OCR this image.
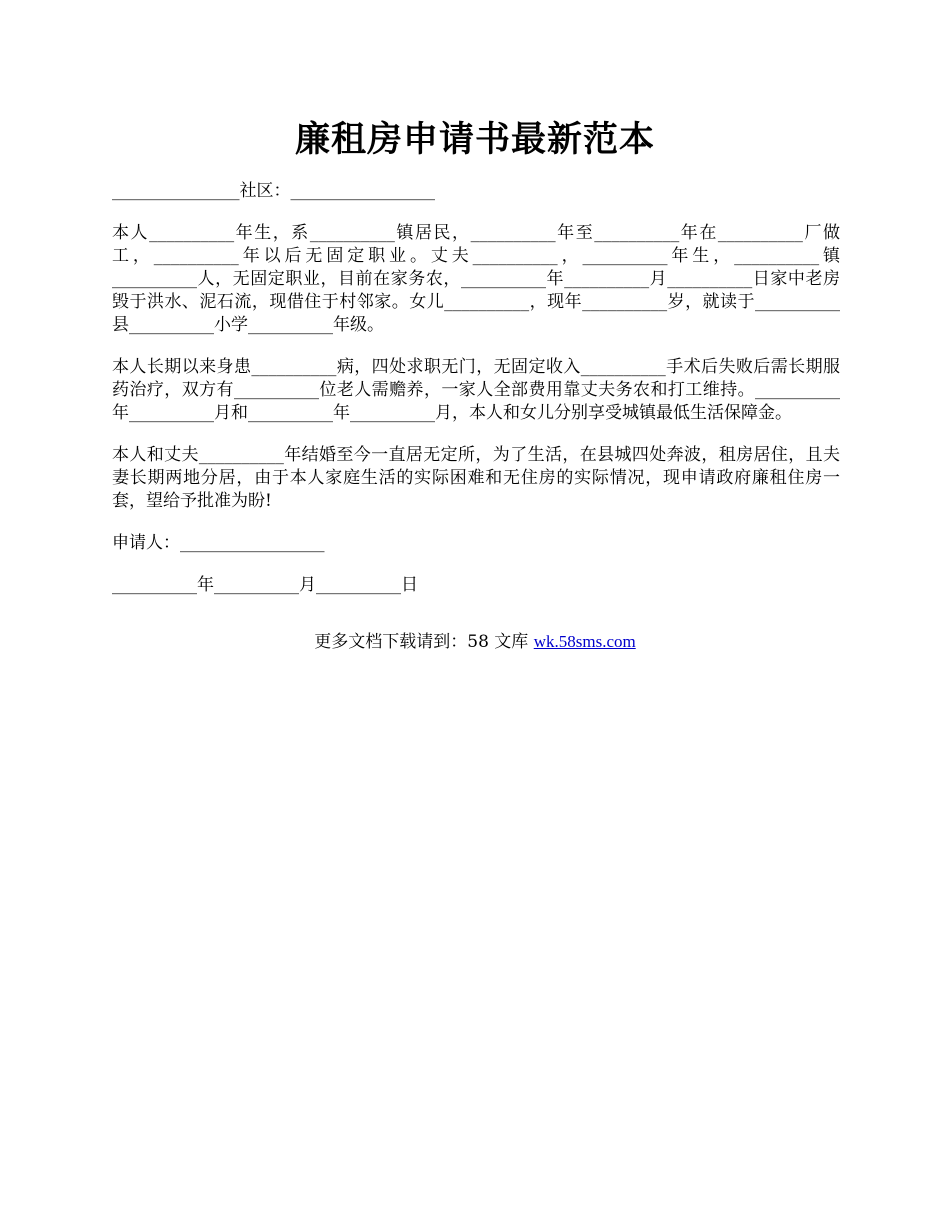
廉租房申请书最新范本

_______________社区：_________________

本人__________年生，系__________镇居民，__________年至__________年在__________厂做工，__________年以后无固定职业。丈夫__________，__________年生，__________镇__________人，无固定职业，目前在家务农，__________年__________月__________日家中老房毁于洪水、泥石流，现借住于村邻家。女儿__________，现年__________岁，就读于__________县__________小学__________年级。

本人长期以来身患__________病，四处求职无门，无固定收入__________手术后失败后需长期服药治疗，双方有__________位老人需赡养，一家人全部费用靠丈夫务农和打工维持。__________年__________月和__________年__________月，本人和女儿分别享受城镇最低生活保障金。

本人和丈夫__________年结婚至今一直居无定所，为了生活，在县城四处奔波，租房居住，且夫妻长期两地分居，由于本人家庭生活的实际困难和无住房的实际情况，现申请政府廉租住房一套，望给予批准为盼!

申请人：_________________

__________年__________月__________日

更多文档下载请到：58 文库 wk.58sms.com
